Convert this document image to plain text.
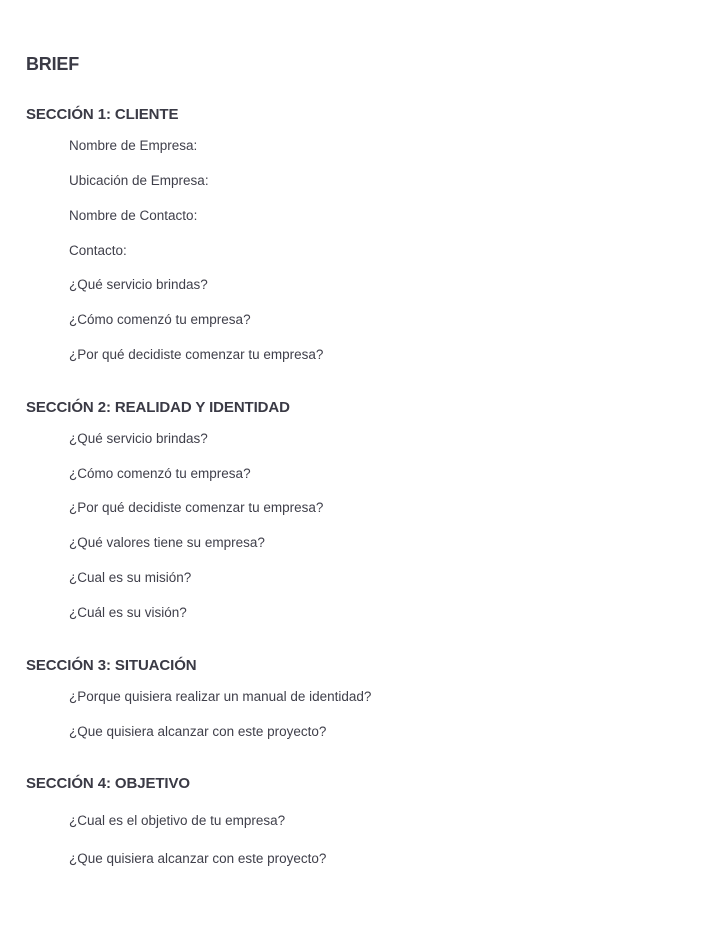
BRIEF
SECCIÓN 1: CLIENTE

Nombre de Empresa:

Ubicación de Empresa:

Nombre de Contacto:

Contacto:

¿Qué servicio brindas?

¿Cómo comenzó tu empresa?

¿Por qué decidiste comenzar tu empresa?

SECCIÓN 2: REALIDAD Y IDENTIDAD

¿Qué servicio brindas?

¿Cómo comenzó tu empresa?

¿Por qué decidiste comenzar tu empresa?

¿Qué valores tiene su empresa?

¿Cual es su misión?

¿Cuál es su visión?

SECCIÓN 3: SITUACIÓN

¿Porque quisiera realizar un manual de identidad?

¿Que quisiera alcanzar con este proyecto?

SECCIÓN 4: OBJETIVO

¿Cual es el objetivo de tu empresa?

¿Que quisiera alcanzar con este proyecto?
